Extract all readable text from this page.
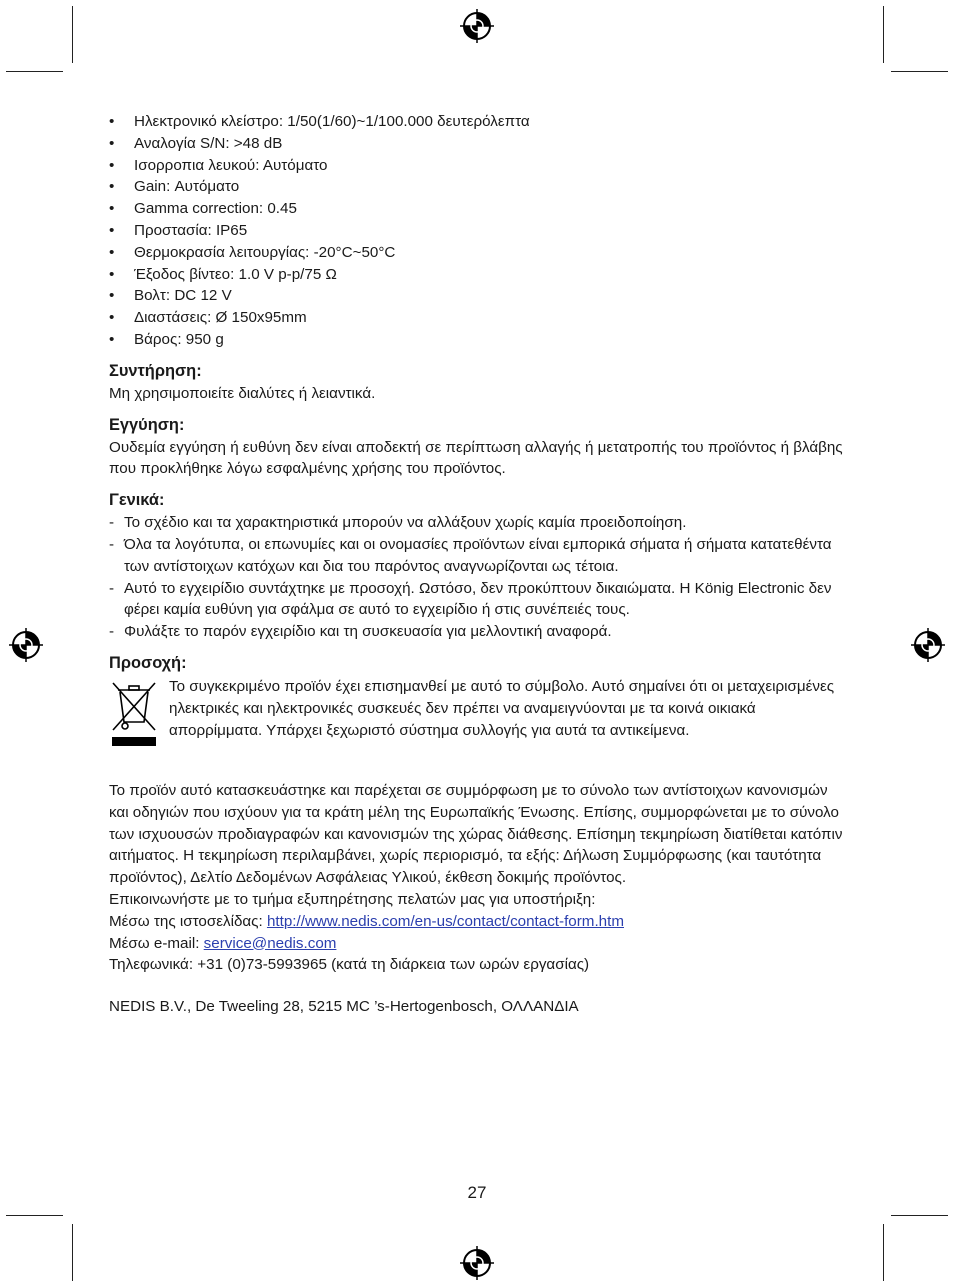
• Ηλεκτρονικό κλείστρο: 1/50(1/60)~1/100.000 δευτερόλεπτα
• Αναλογία S/N: >48 dB
• Ισορροπια λευκού: Αυτόματο
• Gain: Αυτόματο
• Gamma correction: 0.45
• Προστασία: IP65
• Θερμοκρασία λειτουργίας: -20°C~50°C
• Έξοδος βίντεο: 1.0 V p-p/75 Ω
• Βολτ: DC 12 V
• Διαστάσεις: Ø 150x95mm
• Βάρος: 950 g
Συντήρηση:

Μη χρησιμοποιείτε διαλύτες ή λειαντικά.

Εγγύηση:

Ουδεμία εγγύηση ή ευθύνη δεν είναι αποδεκτή σε περίπτωση αλλαγής ή μετατροπής του προϊόντος ή βλάβης που προκλήθηκε λόγω εσφαλμένης χρήσης του προϊόντος.

Γενικά:
- Το σχέδιο και τα χαρακτηριστικά μπορούν να αλλάξουν χωρίς καμία προειδοποίηση.
- Όλα τα λογότυπα, οι επωνυμίες και οι ονομασίες προϊόντων είναι εμπορικά σήματα ή σήματα κατατεθέντα των αντίστοιχων κατόχων και δια του παρόντος αναγνωρίζονται ως τέτοια.
- Αυτό το εγχειρίδιο συντάχτηκε με προσοχή. Ωστόσο, δεν προκύπτουν δικαιώματα. Η König Electronic δεν φέρει καμία ευθύνη για σφάλμα σε αυτό το εγχειρίδιο ή στις συνέπειές τους.
- Φυλάξτε το παρόν εγχειρίδιο και τη συσκευασία για μελλοντική αναφορά.
Προσοχή:

Το συγκεκριμένο προϊόν έχει επισημανθεί με αυτό το σύμβολο. Αυτό σημαίνει ότι οι μεταχειρισμένες ηλεκτρικές και ηλεκτρονικές συσκευές δεν πρέπει να αναμειγνύονται με τα κοινά οικιακά απορρίμματα. Υπάρχει ξεχωριστό σύστημα συλλογής για αυτά τα αντικείμενα.

Το προϊόν αυτό κατασκευάστηκε και παρέχεται σε συμμόρφωση με το σύνολο των αντίστοιχων κανονισμών και οδηγιών που ισχύουν για τα κράτη μέλη της Ευρωπαϊκής Ένωσης. Επίσης, συμμορφώνεται με το σύνολο των ισχυουσών προδιαγραφών και κανονισμών της χώρας διάθεσης. Επίσημη τεκμηρίωση διατίθεται κατόπιν αιτήματος. Η τεκμηρίωση περιλαμβάνει, χωρίς περιορισμό, τα εξής: Δήλωση Συμμόρφωσης (και ταυτότητα προϊόντος), Δελτίο Δεδομένων Ασφάλειας Υλικού, έκθεση δοκιμής προϊόντος.

Επικοινωνήστε με το τμήμα εξυπηρέτησης πελατών μας για υποστήριξη:

Μέσω της ιστοσελίδας: http://www.nedis.com/en-us/contact/contact-form.htm

Μέσω e-mail: service@nedis.com

Τηλεφωνικά: +31 (0)73-5993965 (κατά τη διάρκεια των ωρών εργασίας)

NEDIS B.V., De Tweeling 28, 5215 MC ’s-Hertogenbosch, ΟΛΛΑΝΔΙΑ

27
